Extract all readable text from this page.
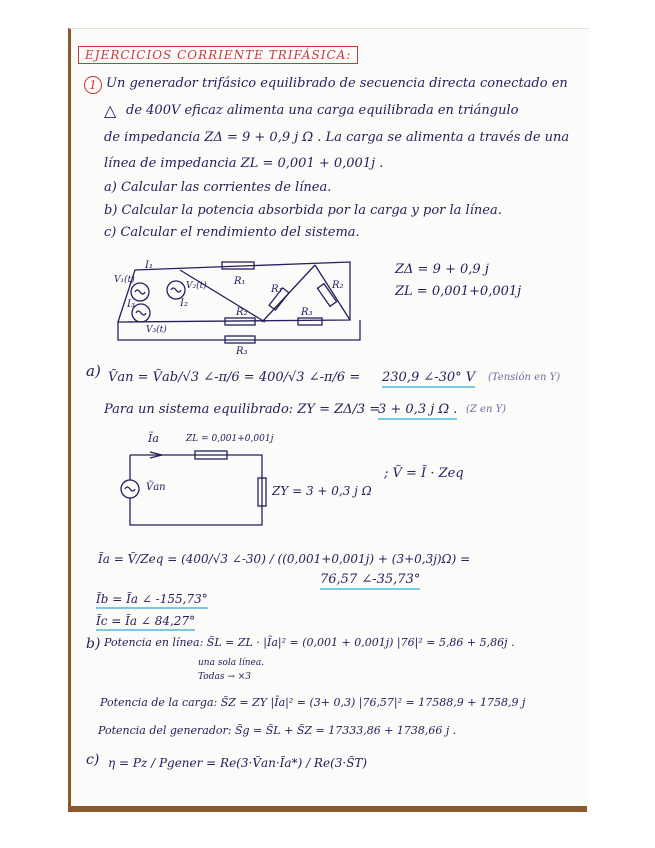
EJERCICIOS CORRIENTE TRIFÁSICA:
1 Un generador trifásico equilibrado de secuencia directa conectado en
△ de 400V eficaz alimenta una carga equilibrada en triángulo
de impedancia ZΔ = 9 + 0,9 j Ω . La carga se alimenta a través de una
línea de impedancia ZL = 0,001 + 0,001j .
a) Calcular las corrientes de línea.
b) Calcular la potencia absorbida por la carga y por la línea.
c) Calcular el rendimiento del sistema.
V₁(t)
V₂(t)
V₃(t)
I₁
I₂
I₃
R₁
R₁	R₂
R₂	R₃
R₃
ZΔ = 9 + 0,9 j
ZL = 0,001+0,001j
a) Ṽan = Ṽab/√3 ∠-π/6 = 400/√3 ∠-π/6 = 230,9 ∠-30° V (Tensión en Y)
Para un sistema equilibrado: ZY = ZΔ/3 =
3 + 0,3 j Ω . (Z en Y)
Ĩa	ZL = 0,001+0,001j
Ṽan	ZY = 3 + 0,3 j Ω
; Ṽ = Ĩ · Zeq
Ĩa = Ṽ/Zeq = (400/√3 ∠-30) / ((0,001+0,001j) + (3+0,3j)Ω) =
76,57 ∠-35,73°
Ĩb = Ĩa ∠ -155,73°
Ĩc = Ĩa ∠ 84,27°
b) Potencia en línea: S̃L = ZL · |Ĩa|² = (0,001 + 0,001j) |76|² = 5,86 + 5,86j .
una sola línea.
Todas → ×3
Potencia de la carga: S̃Z = ZY |Ĩa|² = (3+ 0,3) |76,57|² = 17588,9 + 1758,9 j
Potencia del generador: S̃g = S̃L + S̃Z = 17333,86 + 1738,66 j .
c) η = Pz / Pgener = Re(3·Ṽan·Ĩa*) / Re(3·S̃T)
